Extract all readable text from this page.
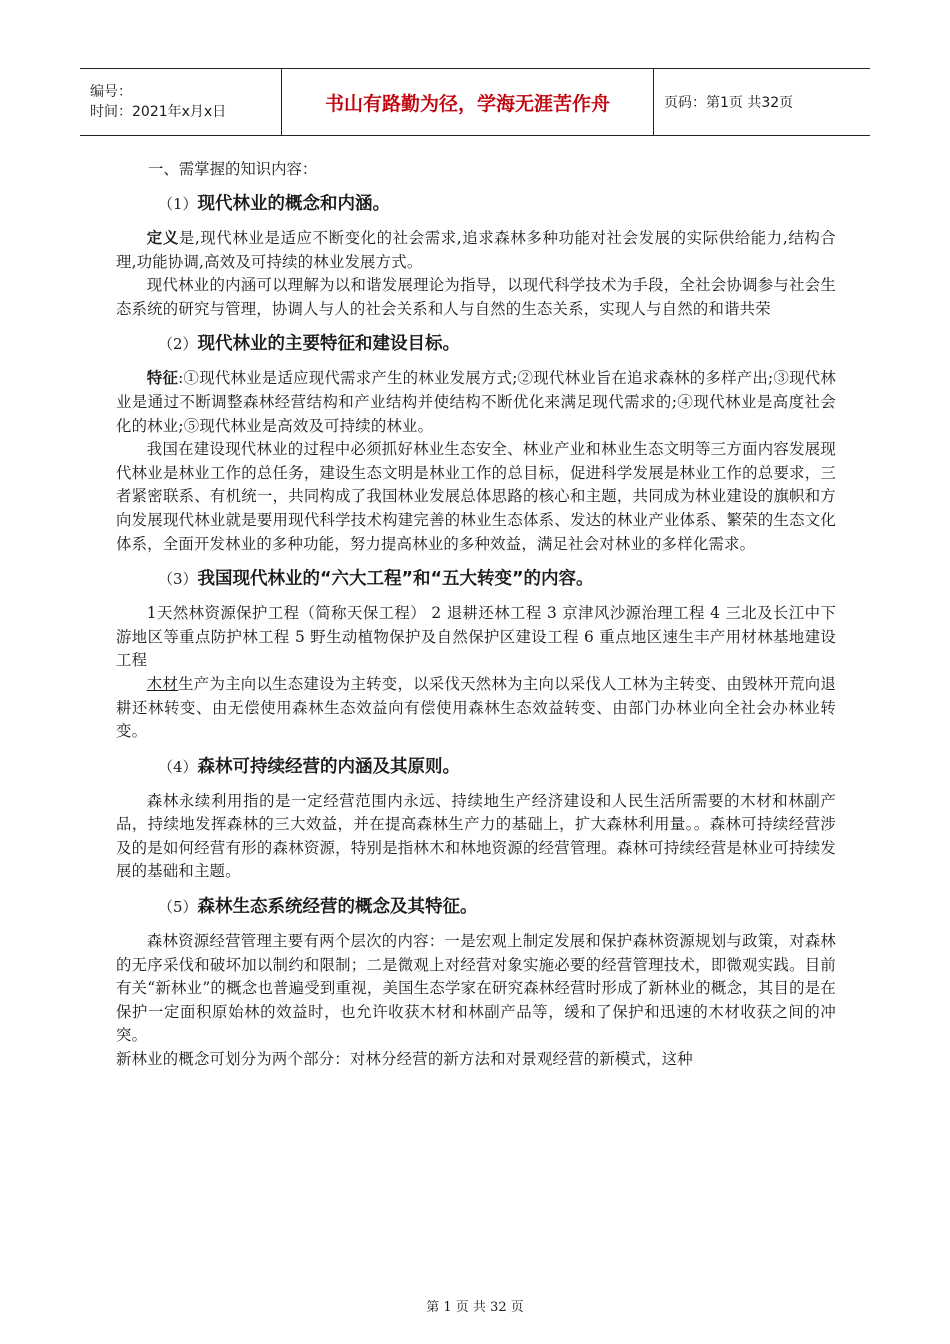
编号：
时间：2021年x月x日	书山有路勤为径，学海无涯苦作舟	页码：第1页 共32页

一、需掌握的知识内容：

（1）现代林业的概念和内涵。

定义是,现代林业是适应不断变化的社会需求,追求森林多种功能对社会发展的实际供给能力,结构合理,功能协调,高效及可持续的林业发展方式。

现代林业的内涵可以理解为以和谐发展理论为指导，以现代科学技术为手段，全社会协调参与社会生态系统的研究与管理，协调人与人的社会关系和人与自然的生态关系，实现人与自然的和谐共荣

（2）现代林业的主要特征和建设目标。

特征:①现代林业是适应现代需求产生的林业发展方式;②现代林业旨在追求森林的多样产出;③现代林业是通过不断调整森林经营结构和产业结构并使结构不断优化来满足现代需求的;④现代林业是高度社会化的林业;⑤现代林业是高效及可持续的林业。

我国在建设现代林业的过程中必须抓好林业生态安全、林业产业和林业生态文明等三方面内容发展现代林业是林业工作的总任务，建设生态文明是林业工作的总目标，促进科学发展是林业工作的总要求，三者紧密联系、有机统一，共同构成了我国林业发展总体思路的核心和主题，共同成为林业建设的旗帜和方向发展现代林业就是要用现代科学技术构建完善的林业生态体系、发达的林业产业体系、繁荣的生态文化体系，全面开发林业的多种功能，努力提高林业的多种效益，满足社会对林业的多样化需求。

（3）我国现代林业的“六大工程”和“五大转变”的内容。

1天然林资源保护工程（简称天保工程） 2 退耕还林工程 3 京津风沙源治理工程 4 三北及长江中下游地区等重点防护林工程 5 野生动植物保护及自然保护区建设工程 6 重点地区速生丰产用材林基地建设工程

木材生产为主向以生态建设为主转变，以采伐天然林为主向以采伐人工林为主转变、由毁林开荒向退耕还林转变、由无偿使用森林生态效益向有偿使用森林生态效益转变、由部门办林业向全社会办林业转变。

（4）森林可持续经营的内涵及其原则。

森林永续利用指的是一定经营范围内永远、持续地生产经济建设和人民生活所需要的木材和林副产品，持续地发挥森林的三大效益，并在提高森林生产力的基础上，扩大森林利用量。。森林可持续经营涉及的是如何经营有形的森林资源，特别是指林木和林地资源的经营管理。森林可持续经营是林业可持续发展的基础和主题。

（5）森林生态系统经营的概念及其特征。

森林资源经营管理主要有两个层次的内容：一是宏观上制定发展和保护森林资源规划与政策，对森林的无序采伐和破坏加以制约和限制；二是微观上对经营对象实施必要的经营管理技术，即微观实践。目前有关“新林业”的概念也普遍受到重视，美国生态学家在研究森林经营时形成了新林业的概念，其目的是在保护一定面积原始林的效益时，也允许收获木材和林副产品等，缓和了保护和迅速的木材收获之间的冲突。

新林业的概念可划分为两个部分：对林分经营的新方法和对景观经营的新模式，这种

第 1 页 共 32 页
